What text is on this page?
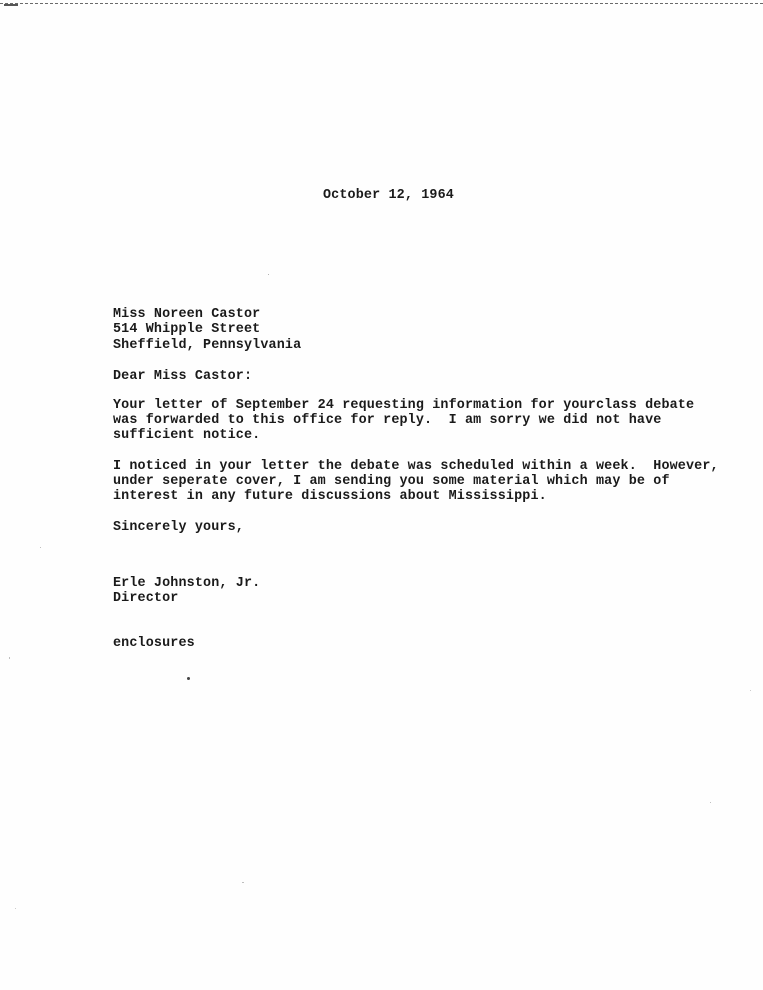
October 12, 1964
Miss Noreen Castor
514 Whipple Street
Sheffield, Pennsylvania
Dear Miss Castor:
Your letter of September 24 requesting information for yourclass debate
was forwarded to this office for reply.  I am sorry we did not have
sufficient notice.
I noticed in your letter the debate was scheduled within a week.  However,
under seperate cover, I am sending you some material which may be of
interest in any future discussions about Mississippi.
Sincerely yours,
Erle Johnston, Jr.
Director
enclosures
